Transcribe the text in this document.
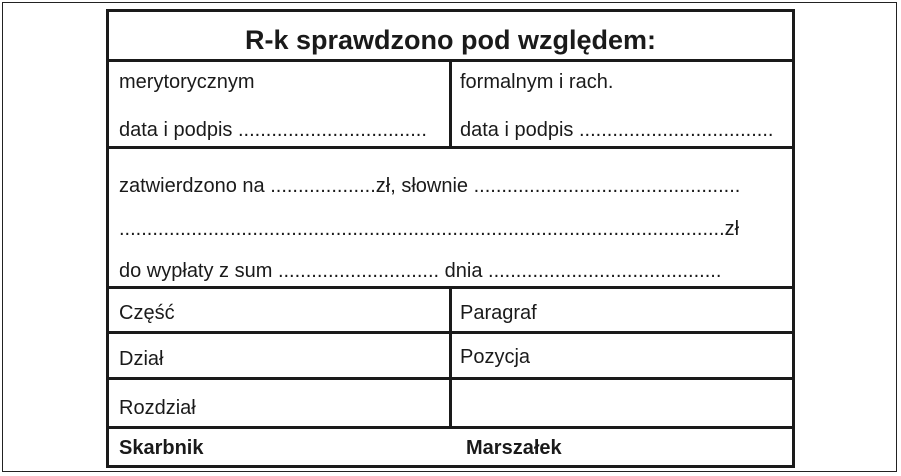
R-k sprawdzono pod względem:
merytorycznym
data i podpis ..................................
formalnym i rach.
data i podpis ...................................
zatwierdzono na ...................zł, słownie ................................................
.............................................................................................................zł
do wypłaty z sum ............................. dnia ..........................................
Część	Paragraf
Dział	Pozycja
Rozdział
Skarbnik	Marszałek
